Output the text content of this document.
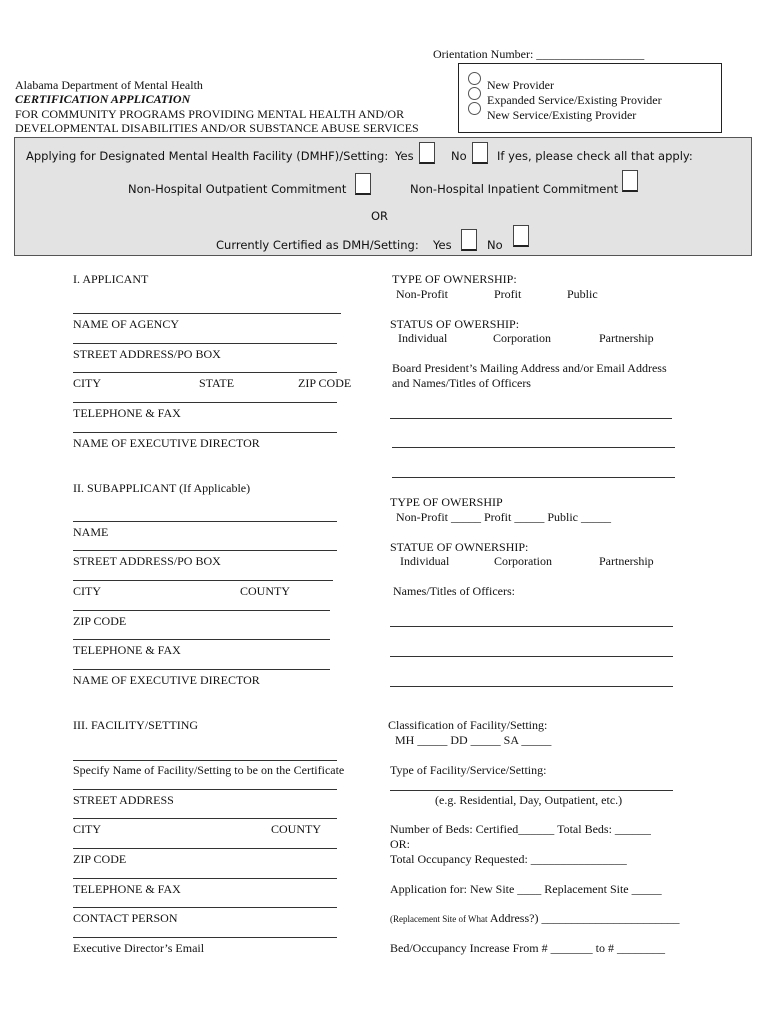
Orientation Number: __________________
Alabama Department of Mental Health
CERTIFICATION APPLICATION
FOR COMMUNITY PROGRAMS PROVIDING MENTAL HEALTH AND/OR
DEVELOPMENTAL DISABILITIES AND/OR SUBSTANCE ABUSE SERVICES
New Provider
Expanded Service/Existing Provider
New Service/Existing Provider
Applying for Designated Mental Health Facility (DMHF)/Setting: Yes	No	If yes, please check all that apply:
Non-Hospital Outpatient Commitment	Non-Hospital Inpatient Commitment
OR
Currently Certified as DMH/Setting: Yes	No
I. APPLICANT
NAME OF AGENCY
STREET ADDRESS/PO BOX
CITY	STATE	ZIP CODE
TELEPHONE & FAX
NAME OF EXECUTIVE DIRECTOR
TYPE OF OWNERSHIP:
Non-Profit	Profit	Public
STATUS OF OWERSHIP:
Individual	Corporation	Partnership
Board President’s Mailing Address and/or Email Address
and Names/Titles of Officers
II. SUBAPPLICANT (If Applicable)
NAME
STREET ADDRESS/PO BOX
CITY	COUNTY
ZIP CODE
TELEPHONE & FAX
NAME OF EXECUTIVE DIRECTOR
TYPE OF OWERSHIP
Non-Profit _____ Profit _____ Public _____
STATUE OF OWNERSHIP:
Individual	Corporation	Partnership
Names/Titles of Officers:
III. FACILITY/SETTING
Specify Name of Facility/Setting to be on the Certificate
STREET ADDRESS
CITY	COUNTY
ZIP CODE
TELEPHONE & FAX
CONTACT PERSON
Executive Director’s Email
Classification of Facility/Setting:
MH _____ DD _____ SA _____
Type of Facility/Service/Setting:
(e.g. Residential, Day, Outpatient, etc.)
Number of Beds: Certified______ Total Beds: ______
OR:
Total Occupancy Requested: ________________
Application for: New Site ____ Replacement Site _____
(Replacement Site of What Address?) _______________________
Bed/Occupancy Increase From # _______ to # ________
